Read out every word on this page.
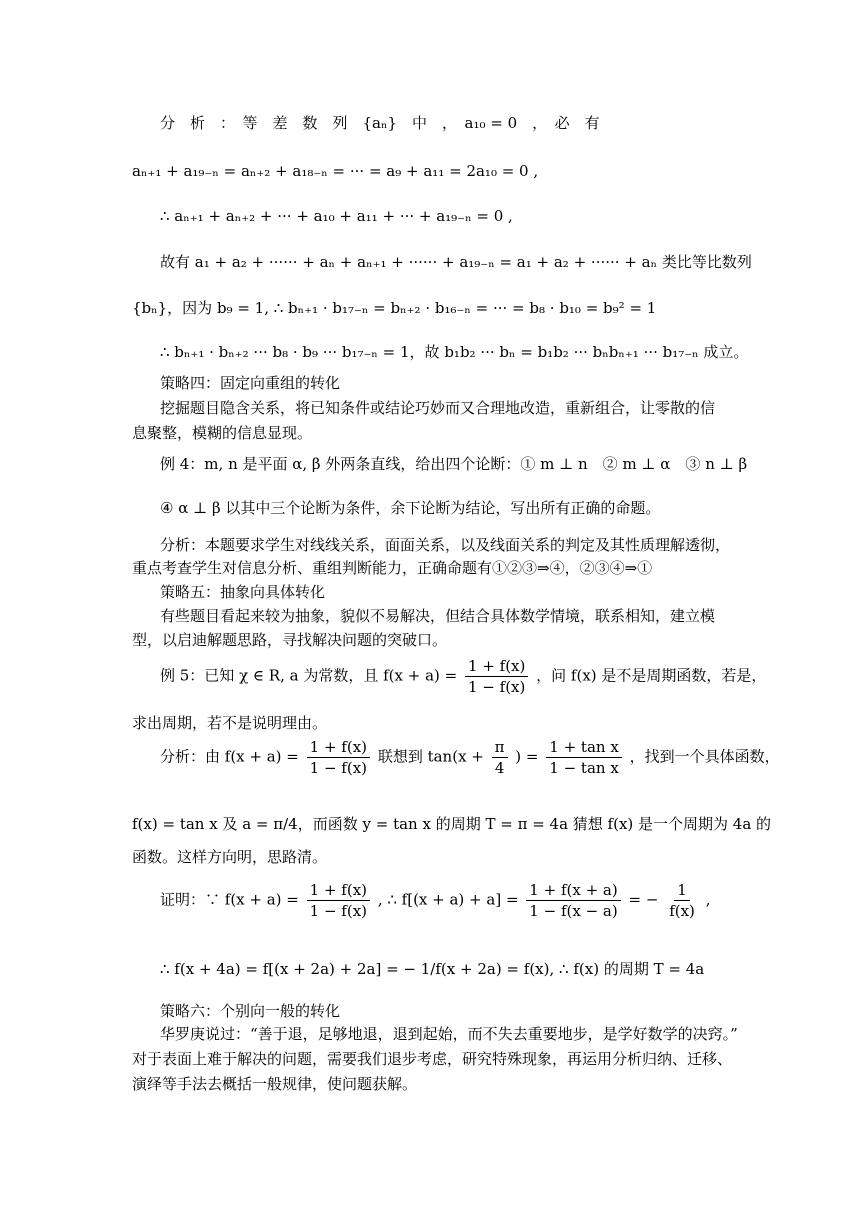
分　析　：　等　差　数　列　{aₙ}　中　，　a₁₀ = 0　，　必　有
aₙ₊₁ + a₁₉₋ₙ = aₙ₊₂ + a₁₈₋ₙ = ··· = a₉ + a₁₁ = 2a₁₀ = 0 ,
∴ aₙ₊₁ + aₙ₊₂ + ··· + a₁₀ + a₁₁ + ··· + a₁₉₋ₙ = 0 ,
故有 a₁ + a₂ + ······ + aₙ + aₙ₊₁ + ······ + a₁₉₋ₙ = a₁ + a₂ + ······ + aₙ 类比等比数列
{bₙ}，因为 b₉ = 1, ∴ bₙ₊₁ · b₁₇₋ₙ = bₙ₊₂ · b₁₆₋ₙ = ··· = b₈ · b₁₀ = b₉² = 1
∴ bₙ₊₁ · bₙ₊₂ ··· b₈ · b₉ ··· b₁₇₋ₙ = 1，故 b₁b₂ ··· bₙ = b₁b₂ ··· bₙbₙ₊₁ ··· b₁₇₋ₙ 成立。
策略四：固定向重组的转化
挖掘题目隐含关系，将已知条件或结论巧妙而又合理地改造，重新组合，让零散的信
息聚整，模糊的信息显现。
例 4：m, n 是平面 α, β 外两条直线，给出四个论断：① m ⊥ n　② m ⊥ α　③ n ⊥ β
④ α ⊥ β 以其中三个论断为条件，余下论断为结论，写出所有正确的命题。
分析：本题要求学生对线线关系，面面关系，以及线面关系的判定及其性质理解透彻，
重点考查学生对信息分析、重组判断能力，正确命题有①②③⇒④，②③④⇒①
策略五：抽象向具体转化
有些题目看起来较为抽象，貌似不易解决，但结合具体数学情境，联系相知，建立模
型，以启迪解题思路，寻找解决问题的突破口。
例 5：已知 χ ∈ R, a 为常数，且 $f(x + a) = \frac{1 + f(x)}{1 - f(x)}$ ，问 f(x) 是不是周期函数，若是，
求出周期，若不是说明理由。
分析：由 $f(x + a) = \frac{1 + f(x)}{1 - f(x)}$ 联想到 $\tan(x + \frac{\pi}{4}$ ) = $\frac{\text{1 + tan x}}{\text{1 − tan x}}$ ，找到一个具体函数，
f(x) = tan x 及 a = π/4，而函数 y = tan x 的周期 T = π = 4a 猜想 f(x) 是一个周期为 4a 的
函数。这样方向明，思路清。
证明：∵ $f(x + a) = \frac{1 + f(x)}{1 - f(x)}$ , ∴ $f[(x + a) + a] = \frac{1 + f(x + a)}{1 - f(x - a)}$ = − $\frac{1}{f(x)}$ ,
∴ f(x + 4a) = f[(x + 2a) + 2a] = − 1/f(x + 2a) = f(x), ∴ f(x) 的周期 T = 4a
策略六：个别向一般的转化
华罗庚说过：“善于退，足够地退，退到起始，而不失去重要地步，是学好数学的决窍。”
对于表面上难于解决的问题，需要我们退步考虑，研究特殊现象，再运用分析归纳、迁移、
演绎等手法去概括一般规律，使问题获解。
